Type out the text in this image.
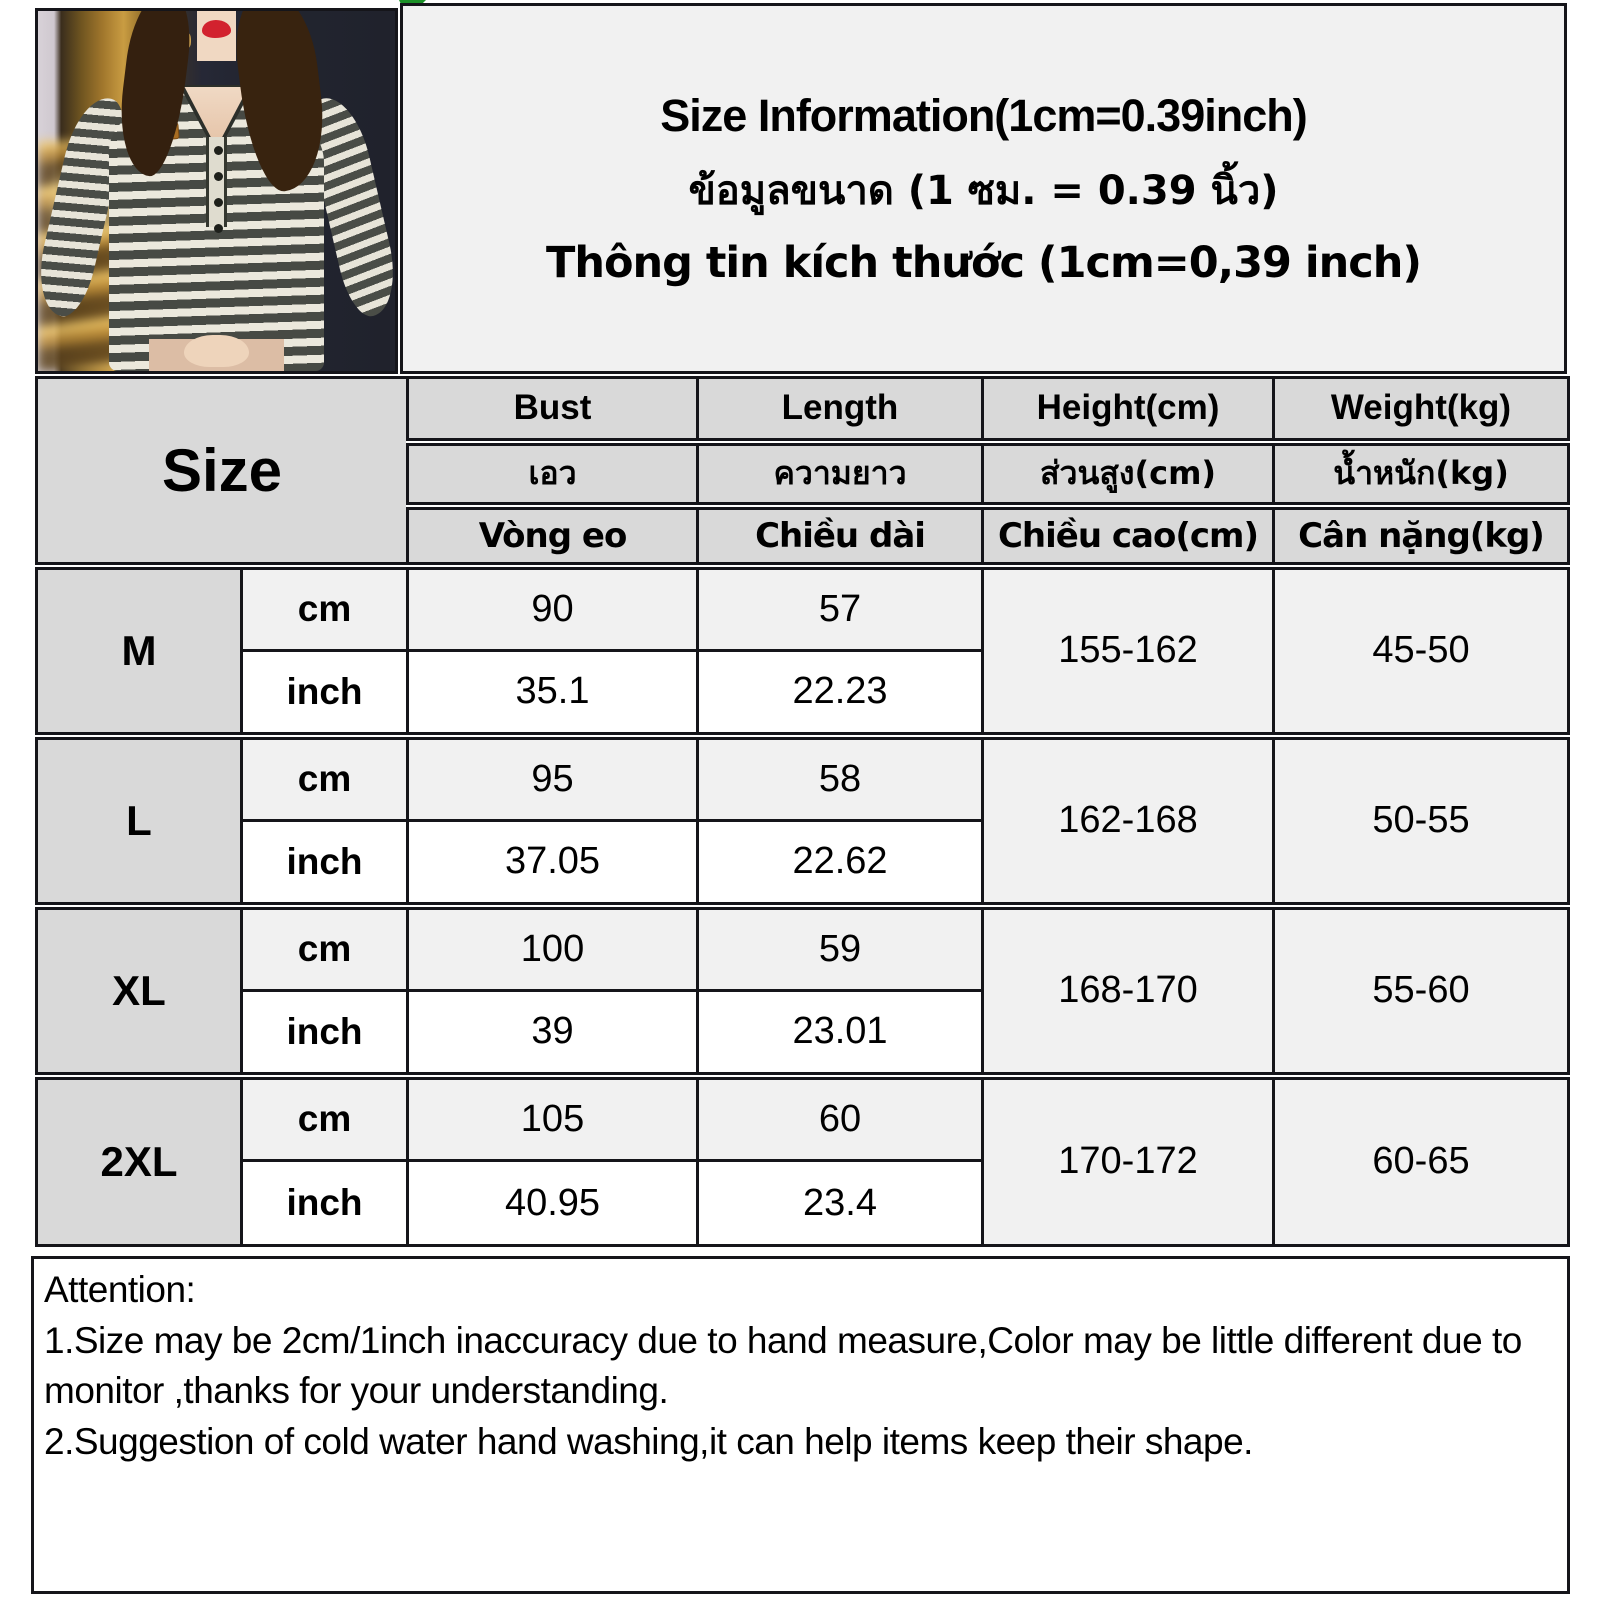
Size Information(1cm=0.39inch)
ข้อมูลขนาด (1 ซม. = 0.39 นิ้ว)
Thông tin kích thước (1cm=0,39 inch)
Size		Bust	Length	Height(cm)	Weight(kg)
		เอว	ความยาว	ส่วนสูง(cm)	น้ำหนัก(kg)
		Vòng eo	Chiều dài	Chiều cao(cm)	Cân nặng(kg)
M	cm	90	57	155-162	45-50
	inch	35.1	22.23		
L	cm	95	58	162-168	50-55
	inch	37.05	22.62		
XL	cm	100	59	168-170	55-60
	inch	39	23.01		
2XL	cm	105	60	170-172	60-65
	inch	40.95	23.4		
Attention:
1.Size may be 2cm/1inch inaccuracy due to hand measure,Color may be little different due to monitor ,thanks for your understanding.
2.Suggestion of cold water hand washing,it can help items keep their shape.
